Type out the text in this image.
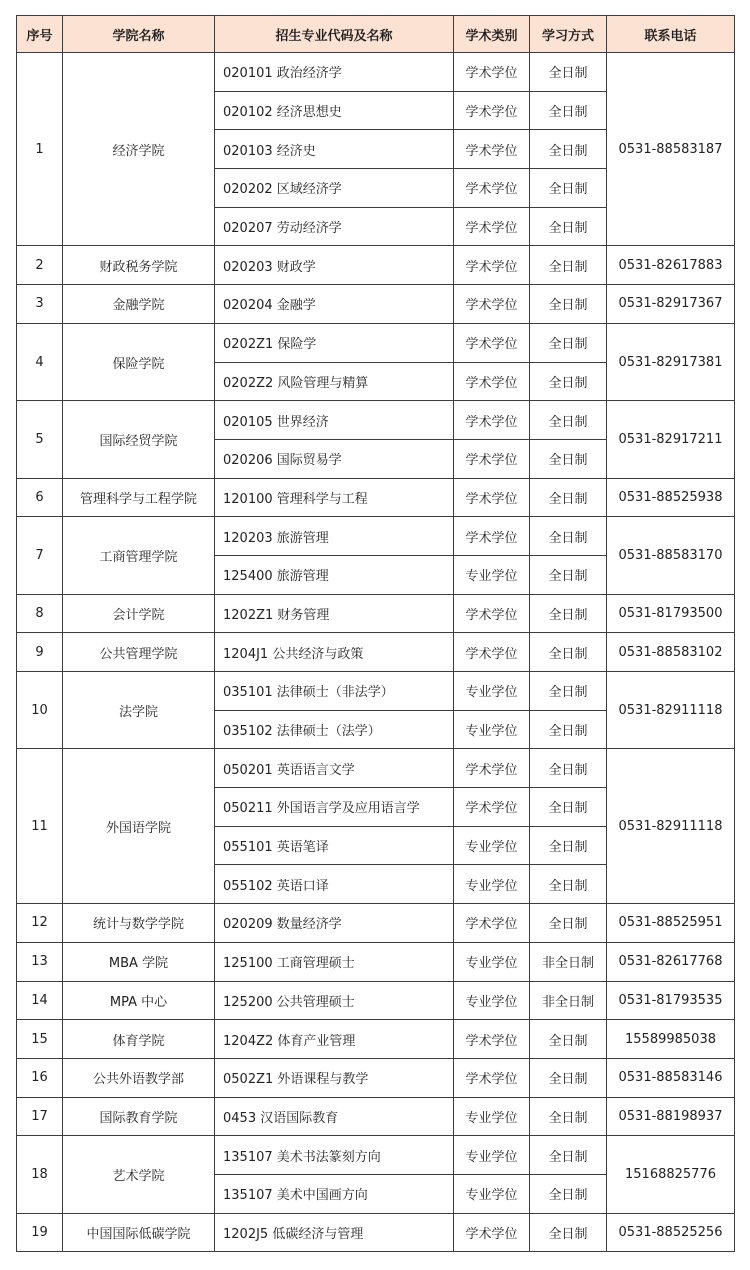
序号	学院名称	招生专业代码及名称	学术类别	学习方式	联系电话
1	经济学院	020101 政治经济学	学术学位	全日制	0531-88583187
		020102 经济思想史	学术学位	全日制	
		020103 经济史	学术学位	全日制	
		020202 区域经济学	学术学位	全日制	
		020207 劳动经济学	学术学位	全日制	
2	财政税务学院	020203 财政学	学术学位	全日制	0531-82617883
3	金融学院	020204 金融学	学术学位	全日制	0531-82917367
4	保险学院	0202Z1 保险学	学术学位	全日制	0531-82917381
		0202Z2 风险管理与精算	学术学位	全日制	
5	国际经贸学院	020105 世界经济	学术学位	全日制	0531-82917211
		020206 国际贸易学	学术学位	全日制	
6	管理科学与工程学院	120100 管理科学与工程	学术学位	全日制	0531-88525938
7	工商管理学院	120203 旅游管理	学术学位	全日制	0531-88583170
		125400 旅游管理	专业学位	全日制	
8	会计学院	1202Z1 财务管理	学术学位	全日制	0531-81793500
9	公共管理学院	1204J1 公共经济与政策	学术学位	全日制	0531-88583102
10	法学院	035101 法律硕士（非法学）	专业学位	全日制	0531-82911118
		035102 法律硕士（法学）	专业学位	全日制	
11	外国语学院	050201 英语语言文学	学术学位	全日制	0531-82911118
		050211 外国语言学及应用语言学	学术学位	全日制	
		055101 英语笔译	专业学位	全日制	
		055102 英语口译	专业学位	全日制	
12	统计与数学学院	020209 数量经济学	学术学位	全日制	0531-88525951
13	MBA 学院	125100 工商管理硕士	专业学位	非全日制	0531-82617768
14	MPA 中心	125200 公共管理硕士	专业学位	非全日制	0531-81793535
15	体育学院	1204Z2 体育产业管理	学术学位	全日制	15589985038
16	公共外语教学部	0502Z1 外语课程与教学	学术学位	全日制	0531-88583146
17	国际教育学院	0453 汉语国际教育	专业学位	全日制	0531-88198937
18	艺术学院	135107 美术书法篆刻方向	专业学位	全日制	15168825776
		135107 美术中国画方向	专业学位	全日制	
19	中国国际低碳学院	1202J5 低碳经济与管理	学术学位	全日制	0531-88525256
